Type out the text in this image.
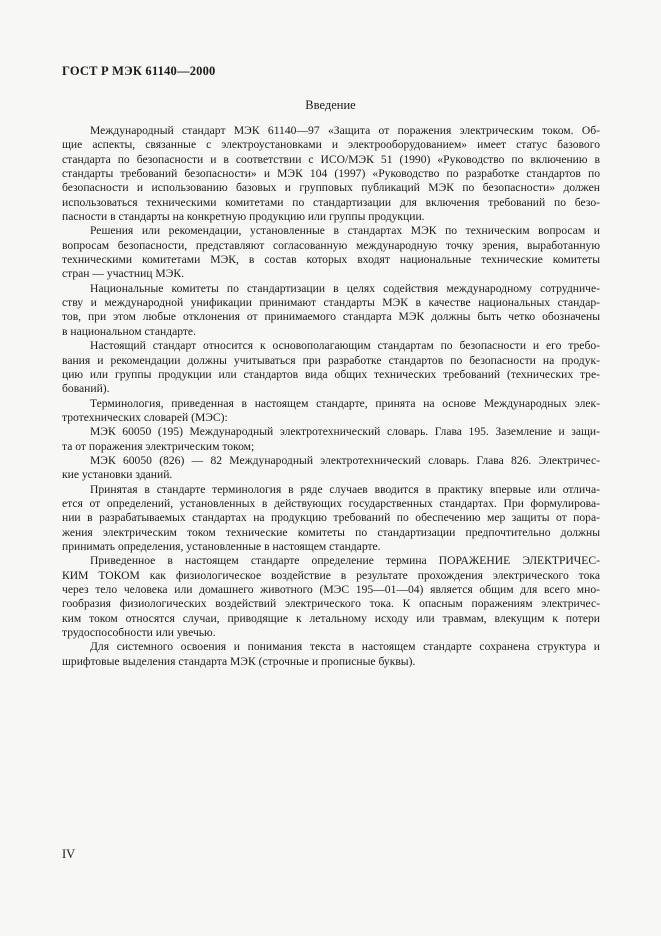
ГОСТ Р МЭК 61140—2000
Введение
Международный стандарт МЭК 61140—97 «Защита от поражения электрическим током. Об-
щие аспекты, связанные с электроустановками и электрооборудованием» имеет статус базового
стандарта по безопасности и в соответствии с ИСО/МЭК 51 (1990) «Руководство по включению в
стандарты требований безопасности» и МЭК 104 (1997) «Руководство по разработке стандартов по
безопасности и использованию базовых и групповых публикаций МЭК по безопасности» должен
использоваться техническими комитетами по стандартизации для включения требований по безо-
пасности в стандарты на конкретную продукцию или группы продукции.
Решения или рекомендации, установленные в стандартах МЭК по техническим вопросам и
вопросам безопасности, представляют согласованную международную точку зрения, выработанную
техническими комитетами МЭК, в состав которых входят национальные технические комитеты
стран — участниц МЭК.
Национальные комитеты по стандартизации в целях содействия международному сотрудниче-
ству и международной унификации принимают стандарты МЭК в качестве национальных стандар-
тов, при этом любые отклонения от принимаемого стандарта МЭК должны быть четко обозначены
в национальном стандарте.
Настоящий стандарт относится к основополагающим стандартам по безопасности и его требо-
вания и рекомендации должны учитываться при разработке стандартов по безопасности на продук-
цию или группы продукции или стандартов вида общих технических требований (технических тре-
бований).
Терминология, приведенная в настоящем стандарте, принята на основе Международных элек-
тротехнических словарей (МЭС):
МЭК 60050 (195) Международный электротехнический словарь. Глава 195. Заземление и защи-
та от поражения электрическим током;
МЭК 60050 (826) — 82 Международный электротехнический словарь. Глава 826. Электричес-
кие установки зданий.
Принятая в стандарте терминология в ряде случаев вводится в практику впервые или отлича-
ется от определений, установленных в действующих государственных стандартах. При формулирова-
нии в разрабатываемых стандартах на продукцию требований по обеспечению мер защиты от пора-
жения электрическим током технические комитеты по стандартизации предпочтительно должны
принимать определения, установленные в настоящем стандарте.
Приведенное в настоящем стандарте определение термина ПОРАЖЕНИЕ ЭЛЕКТРИЧЕС-
КИМ ТОКОМ как физиологическое воздействие в результате прохождения электрического тока
через тело человека или домашнего животного (МЭС 195—01—04) является общим для всего мно-
гообразия физиологических воздействий электрического тока. К опасным поражениям электричес-
ким током относятся случаи, приводящие к летальному исходу или травмам, влекущим к потери
трудоспособности или увечью.
Для системного освоения и понимания текста в настоящем стандарте сохранена структура и
шрифтовые выделения стандарта МЭК (строчные и прописные буквы).
IV
